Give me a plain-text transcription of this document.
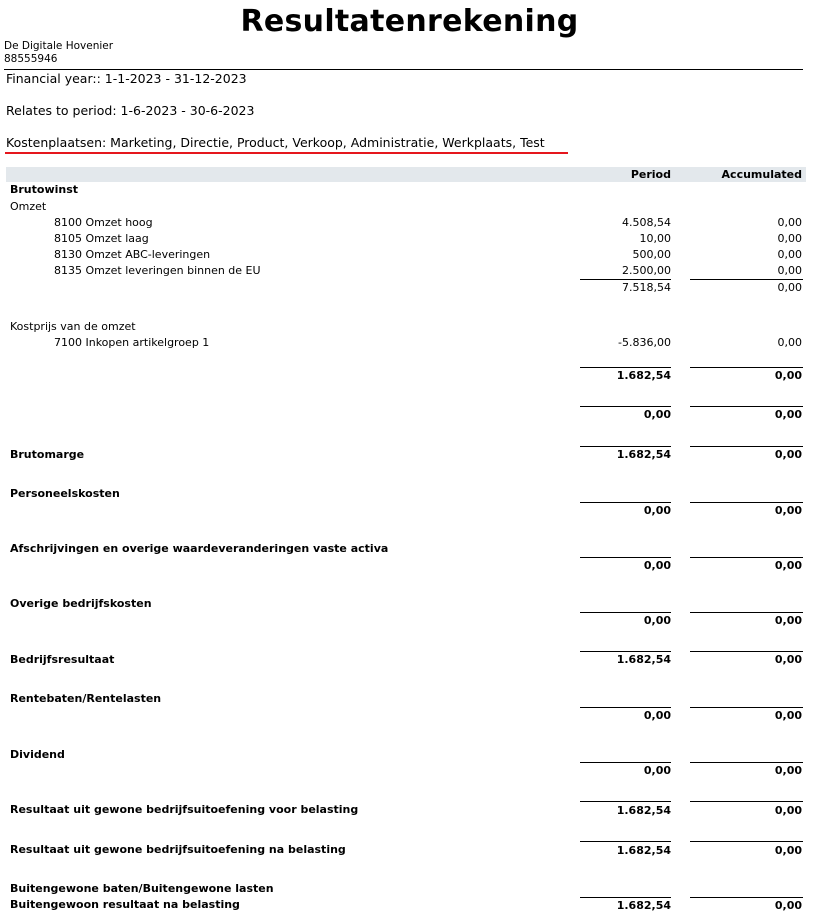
Resultatenrekening
De Digitale Hovenier
88555946
Financial year:: 1-1-2023 - 31-12-2023
Relates to period: 1-6-2023 - 30-6-2023
Kostenplaatsen: Marketing, Directie, Product, Verkoop, Administratie, Werkplaats, Test
Period	Accumulated
Brutowinst
Omzet
8100 Omzet hoog	4.508,54	0,00
8105 Omzet laag	10,00	0,00
8130 Omzet ABC-leveringen	500,00	0,00
8135 Omzet leveringen binnen de EU	2.500,00	0,00
7.518,54	0,00
Kostprijs van de omzet
7100 Inkopen artikelgroep 1	-5.836,00	0,00
1.682,54	0,00
0,00	0,00
Brutomarge	1.682,54	0,00
Personeelskosten
0,00	0,00
Afschrijvingen en overige waardeveranderingen vaste activa
0,00	0,00
Overige bedrijfskosten
0,00	0,00
Bedrijfsresultaat	1.682,54	0,00
Rentebaten/Rentelasten
0,00	0,00
Dividend
0,00	0,00
Resultaat uit gewone bedrijfsuitoefening voor belasting	1.682,54	0,00
Resultaat uit gewone bedrijfsuitoefening na belasting	1.682,54	0,00
Buitengewone baten/Buitengewone lasten
Buitengewoon resultaat na belasting	1.682,54	0,00
